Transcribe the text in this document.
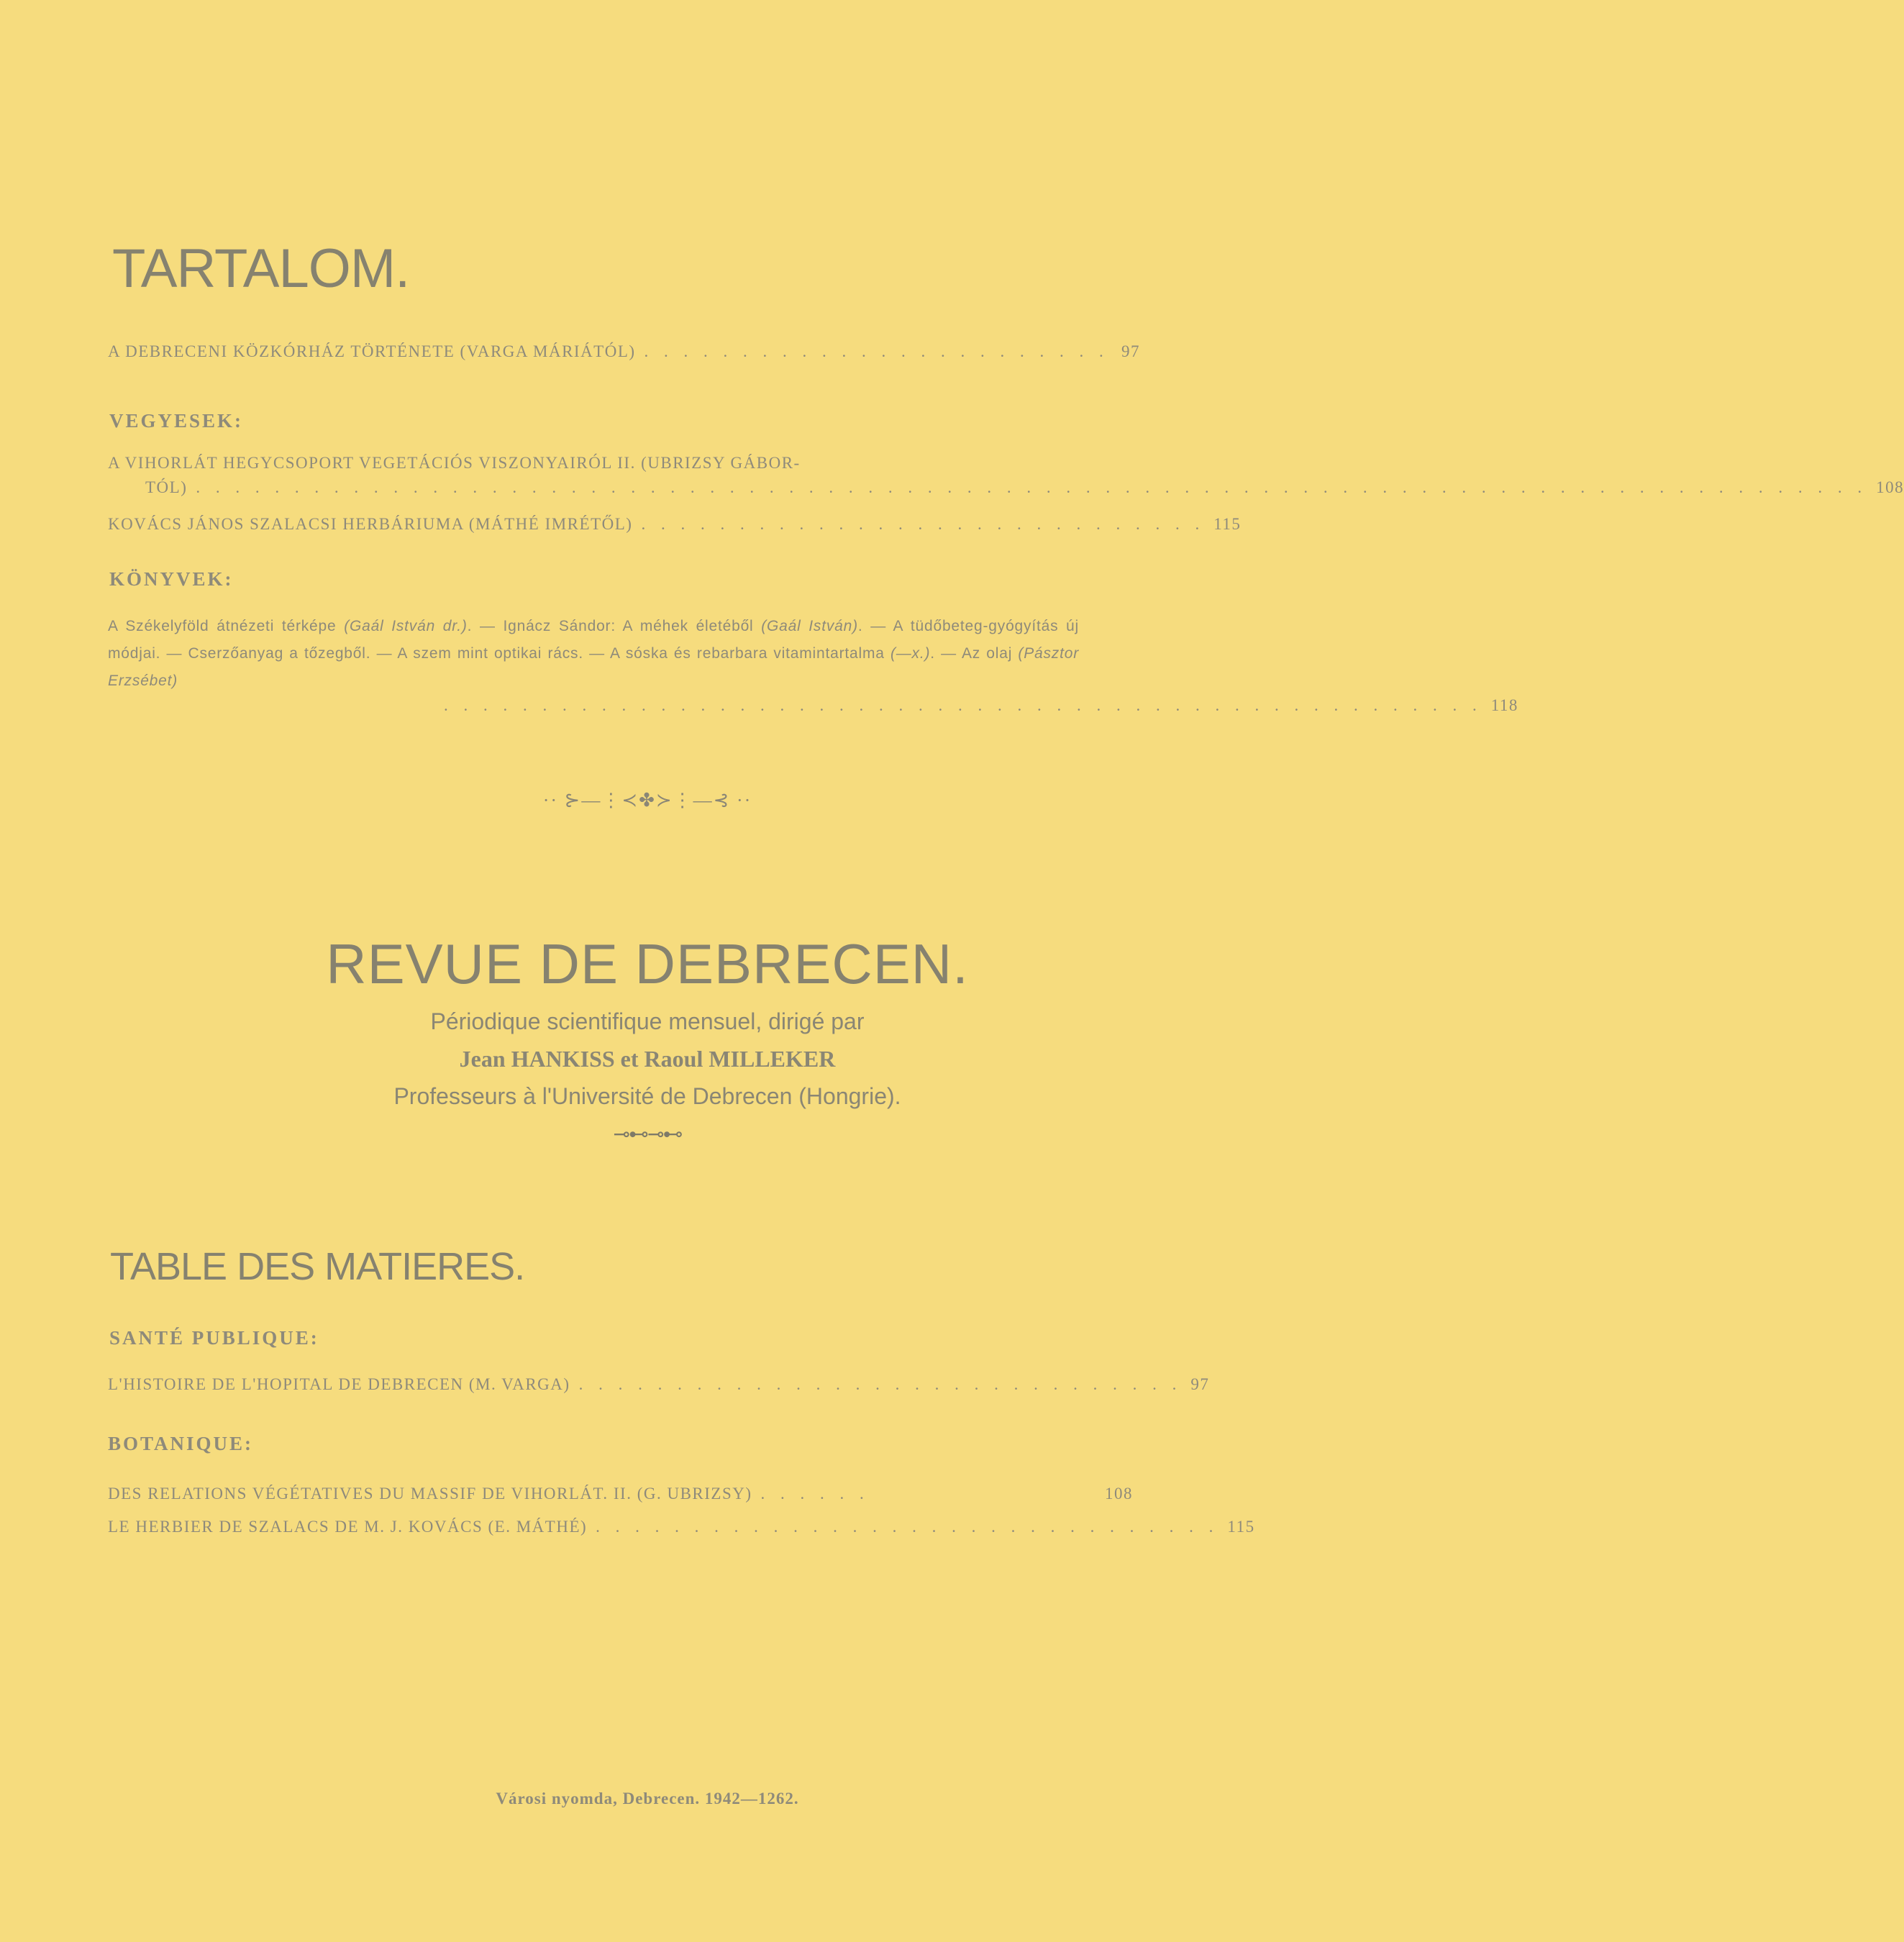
TARTALOM.
A DEBRECENI KÖZKÓRHÁZ TÖRTÉNETE (VARGA MÁRIÁTÓL) . . . . . . . . . . . . . . . . . . . . . . . . 97
VEGYESEK:
A VIHORLÁT HEGYCSOPORT VEGETÁCIÓS VISZONYAIRÓL II. (UBRIZSY GÁBOR-
TÓL) . . . . . . . . . . . . . . . . . . . . . . . . . . . . . . . . . . . . . . . . . . . . . . . . . . . . . . . . . . . . . . . . . . . . . . . . . . . . . . . . . . . . . 108
KOVÁCS JÁNOS SZALACSI HERBÁRIUMA (MÁTHÉ IMRÉTŐL) . . . . . . . . . . . . . . . . . . . . . . . . . . . . . 115
KÖNYVEK:
A Székelyföld átnézeti térképe (Gaál István dr.). — Ignácz Sándor: A méhek életéből (Gaál István). — A tüdőbeteg-gyógyítás új módjai. — Cserzőanyag a tőzegből. — A szem mint optikai rács. — A sóska és rebarbara vitamintartalma (—x.). — Az olaj (Pásztor Erzsébet)
. . . . . . . . . . . . . . . . . . . . . . . . . . . . . . . . . . . . . . . . . . . . . . . . . . . . . 118
·· ⊱—⋮≺✤≻⋮—⊰ ··
REVUE DE DEBRECEN.
Périodique scientifique mensuel, dirigé par
Jean HANKISS et Raoul MILLEKER
Professeurs à l'Université de Debrecen (Hongrie).
⊸⊷⊸⊷
TABLE DES MATIERES.
SANTÉ PUBLIQUE:
L'HISTOIRE DE L'HOPITAL DE DEBRECEN (M. VARGA) . . . . . . . . . . . . . . . . . . . . . . . . . . . . . . . 97
BOTANIQUE:
DES RELATIONS VÉGÉTATIVES DU MASSIF DE VIHORLÁT. II. (G. UBRIZSY) . . . . . .	108
LE HERBIER DE SZALACS DE M. J. KOVÁCS (E. MÁTHÉ) . . . . . . . . . . . . . . . . . . . . . . . . . . . . . . . . 115
Városi nyomda, Debrecen. 1942—1262.
